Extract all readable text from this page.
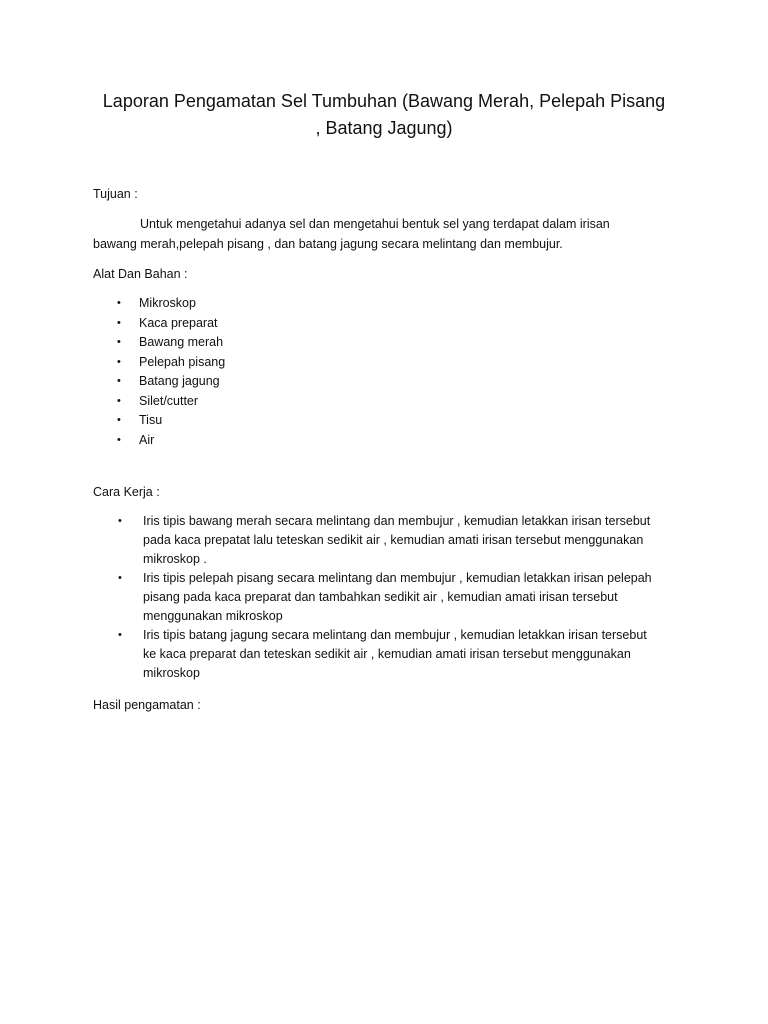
Laporan Pengamatan Sel Tumbuhan (Bawang Merah, Pelepah Pisang
, Batang Jagung)

Tujuan :

Untuk mengetahui adanya sel dan mengetahui bentuk sel yang terdapat dalam irisan
bawang merah,pelepah pisang , dan batang jagung secara melintang dan membujur.

Alat Dan Bahan :

• Mikroskop
• Kaca preparat
• Bawang merah
• Pelepah pisang
• Batang jagung
• Silet/cutter
• Tisu
• Air

Cara Kerja :

• Iris tipis bawang merah secara melintang dan membujur , kemudian letakkan irisan tersebut
pada kaca prepatat lalu teteskan sedikit air , kemudian amati irisan tersebut menggunakan
mikroskop .
• Iris tipis pelepah pisang secara melintang dan membujur , kemudian letakkan irisan pelepah
pisang pada kaca preparat dan tambahkan sedikit air , kemudian amati irisan tersebut
menggunakan mikroskop
• Iris tipis batang jagung secara melintang dan membujur , kemudian letakkan irisan tersebut
ke kaca preparat dan teteskan sedikit air , kemudian amati irisan tersebut menggunakan
mikroskop

Hasil pengamatan :
